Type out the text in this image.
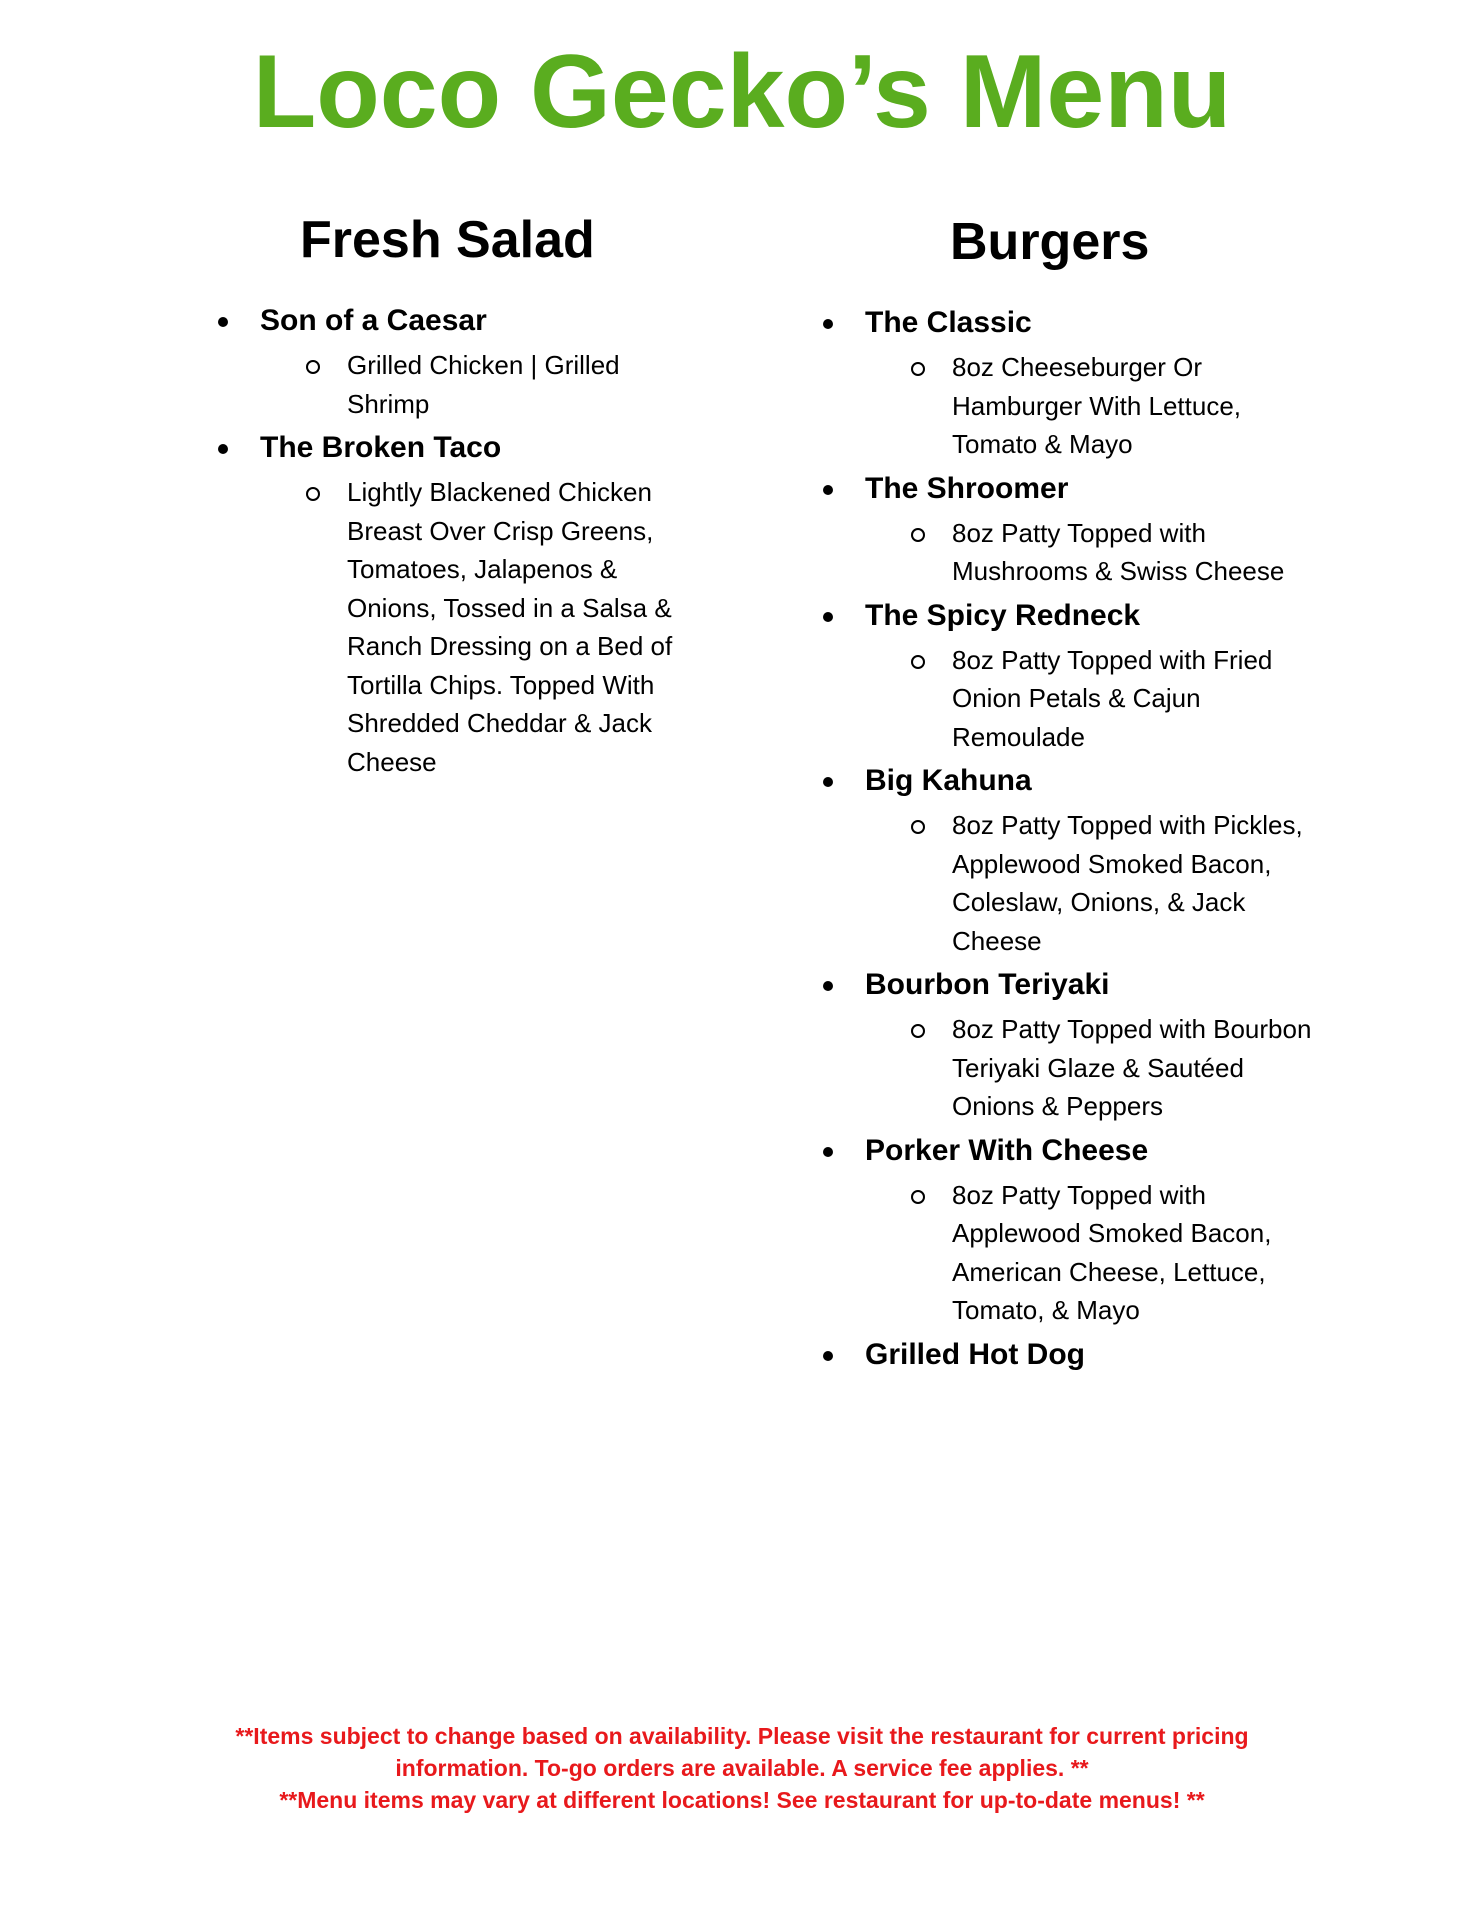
Loco Gecko’s Menu
Fresh Salad
Son of a Caesar
Grilled Chicken | Grilled Shrimp
The Broken Taco
Lightly Blackened Chicken Breast Over Crisp Greens, Tomatoes, Jalapenos & Onions, Tossed in a Salsa & Ranch Dressing on a Bed of Tortilla Chips. Topped With Shredded Cheddar & Jack Cheese
Burgers
The Classic
8oz Cheeseburger Or Hamburger With Lettuce, Tomato & Mayo
The Shroomer
8oz Patty Topped with Mushrooms & Swiss Cheese
The Spicy Redneck
8oz Patty Topped with Fried Onion Petals & Cajun Remoulade
Big Kahuna
8oz Patty Topped with Pickles, Applewood Smoked Bacon, Coleslaw, Onions, & Jack Cheese
Bourbon Teriyaki
8oz Patty Topped with Bourbon Teriyaki Glaze & Sautéed Onions & Peppers
Porker With Cheese
8oz Patty Topped with Applewood Smoked Bacon, American Cheese, Lettuce, Tomato, & Mayo
Grilled Hot Dog
**Items subject to change based on availability. Please visit the restaurant for current pricing
information. To-go orders are available. A service fee applies. **
**Menu items may vary at different locations! See restaurant for up-to-date menus! **
